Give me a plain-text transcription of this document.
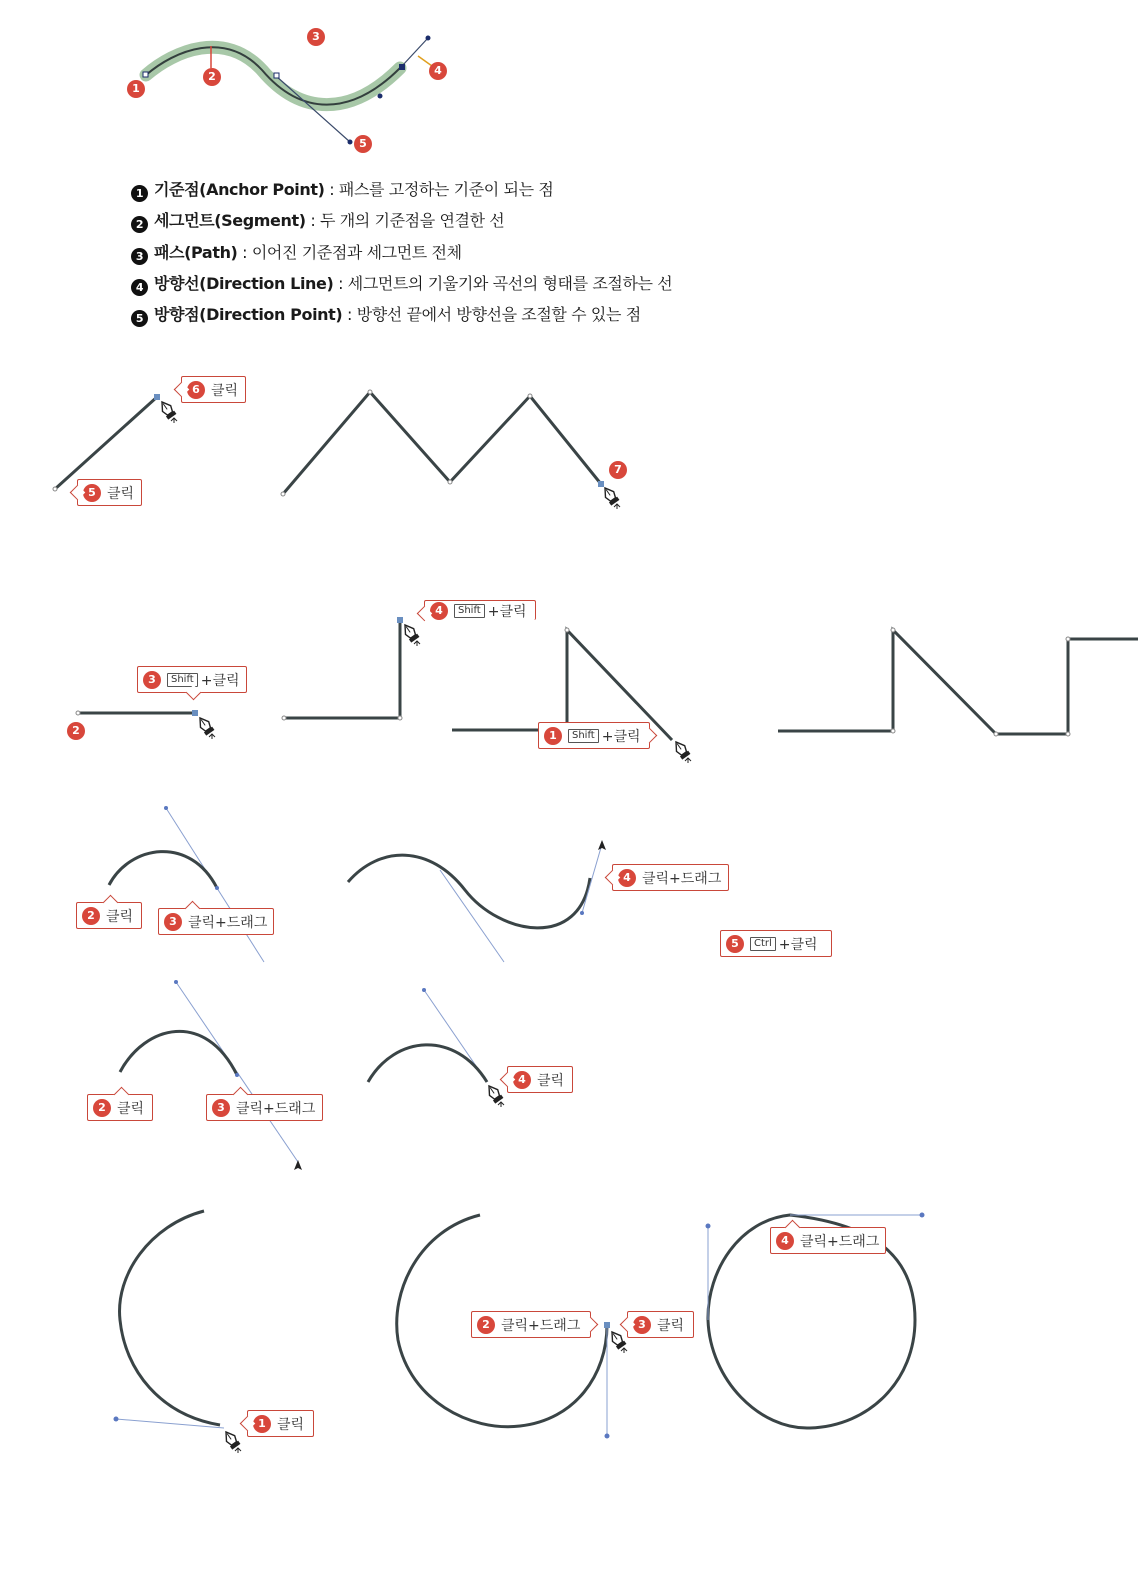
1
2
3
4
5
1 기준점(Anchor Point) : 패스를 고정하는 기준이 되는 점
2 세그먼트(Segment) : 두 개의 기준점을 연결한 선
3 패스(Path) : 이어진 기준점과 세그먼트 전체
4 방향선(Direction Line) : 세그먼트의 기울기와 곡선의 형태를 조절하는 선
5 방향점(Direction Point) : 방향선 끝에서 방향선을 조절할 수 있는 점
5 클릭
6 클릭
7
3	Shift +클릭
2
4	Shift +클릭
1	Shift +클릭
2 클릭	3 클릭+드래그
4 클릭+드래그
5	Ctrl +클릭
2 클릭	3 클릭+드래그
4 클릭
1 클릭
2 클릭+드래그	3 클릭
4 클릭+드래그
